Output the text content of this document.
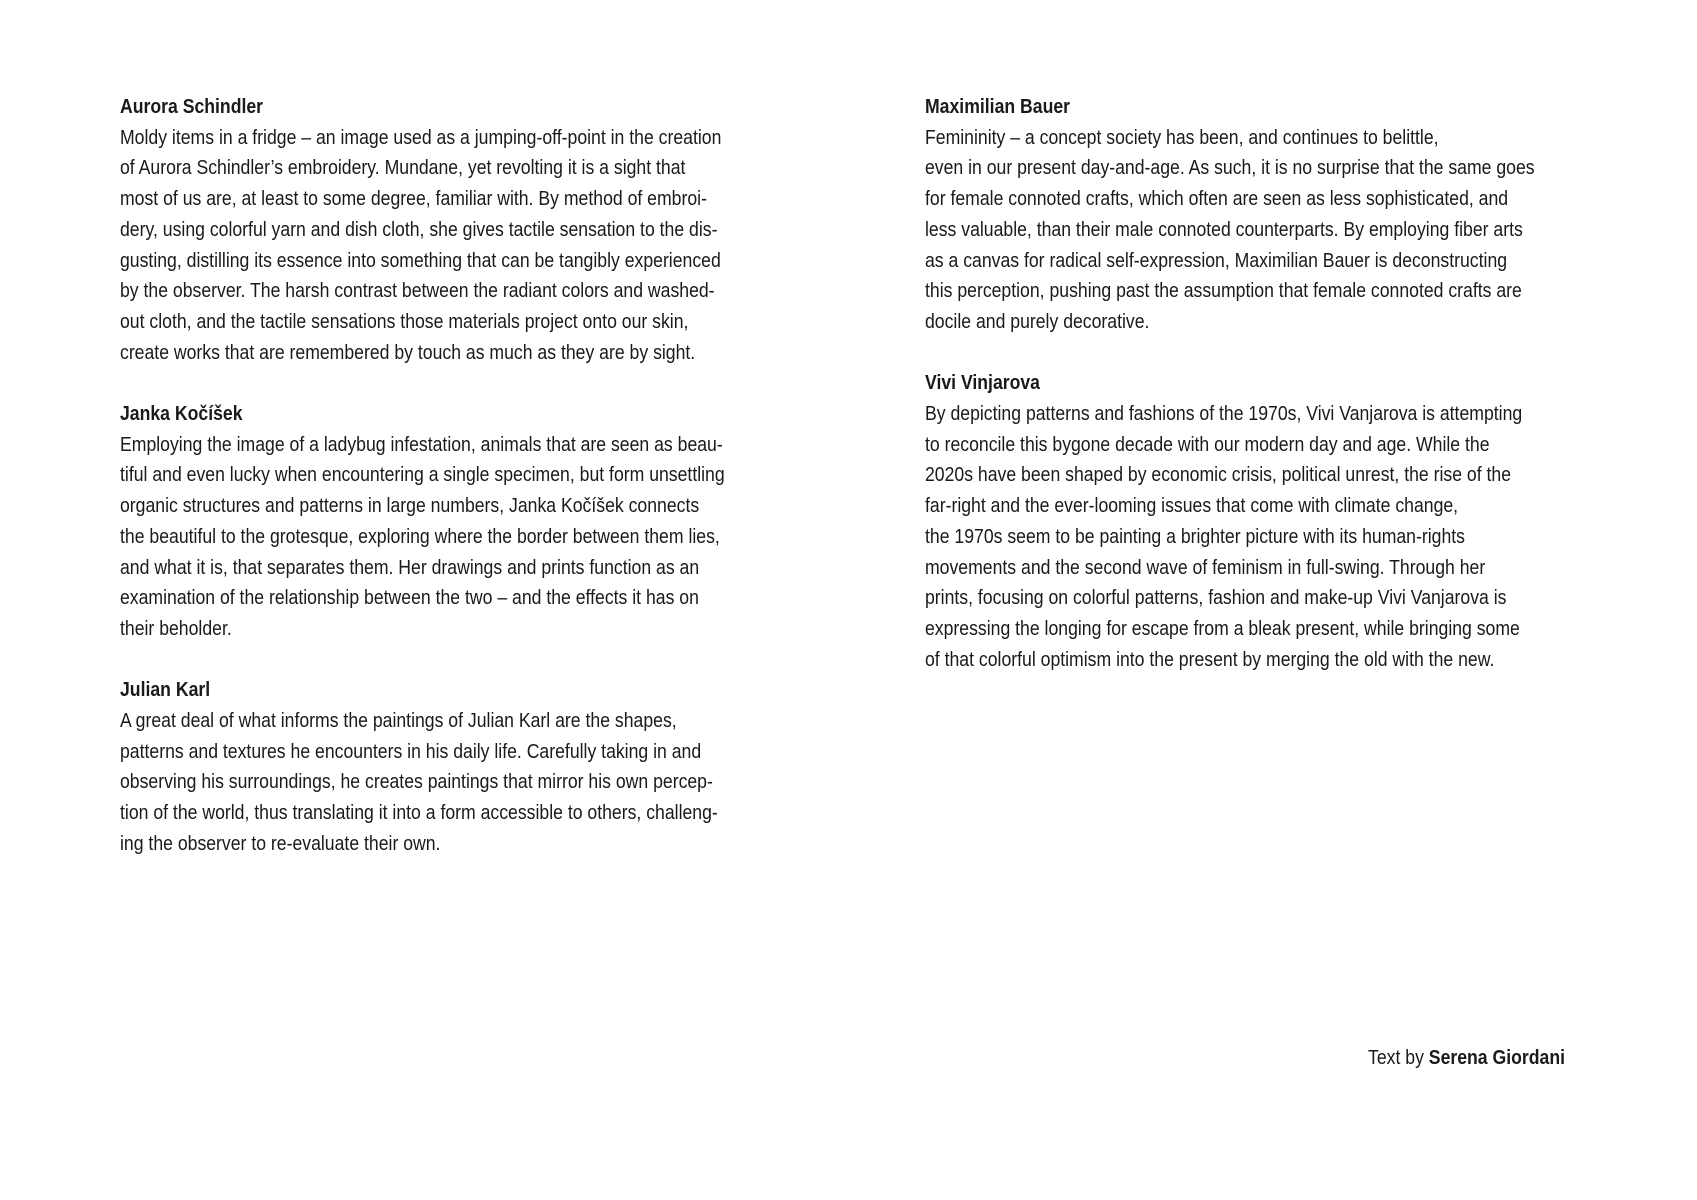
Aurora Schindler
Moldy items in a fridge – an image used as a jumping-off-point in the creation
of Aurora Schindler’s embroidery. Mundane, yet revolting it is a sight that
most of us are, at least to some degree, familiar with. By method of embroi-
dery, using colorful yarn and dish cloth, she gives tactile sensation to the dis-
gusting, distilling its essence into something that can be tangibly experienced
by the observer. The harsh contrast between the radiant colors and washed-
out cloth, and the tactile sensations those materials project onto our skin,
create works that are remembered by touch as much as they are by sight.
Janka Kočíšek
Employing the image of a ladybug infestation, animals that are seen as beau-
tiful and even lucky when encountering a single specimen, but form unsettling
organic structures and patterns in large numbers, Janka Kočíšek connects
the beautiful to the grotesque, exploring where the border between them lies,
and what it is, that separates them. Her drawings and prints function as an
examination of the relationship between the two – and the effects it has on
their beholder.
Julian Karl
A great deal of what informs the paintings of Julian Karl are the shapes,
patterns and textures he encounters in his daily life. Carefully taking in and
observing his surroundings, he creates paintings that mirror his own percep-
tion of the world, thus translating it into a form accessible to others, challeng-
ing the observer to re-evaluate their own.
Maximilian Bauer
Femininity – a concept society has been, and continues to belittle,
even in our present day-and-age. As such, it is no surprise that the same goes
for female connoted crafts, which often are seen as less sophisticated, and
less valuable, than their male connoted counterparts. By employing fiber arts
as a canvas for radical self-expression, Maximilian Bauer is deconstructing
this perception, pushing past the assumption that female connoted crafts are
docile and purely decorative.
Vivi Vinjarova
By depicting patterns and fashions of the 1970s, Vivi Vanjarova is attempting
to reconcile this bygone decade with our modern day and age. While the
2020s have been shaped by economic crisis, political unrest, the rise of the
far-right and the ever-looming issues that come with climate change,
the 1970s seem to be painting a brighter picture with its human-rights
movements and the second wave of feminism in full-swing. Through her
prints, focusing on colorful patterns, fashion and make-up Vivi Vanjarova is
expressing the longing for escape from a bleak present, while bringing some
of that colorful optimism into the present by merging the old with the new.
Text by Serena Giordani
